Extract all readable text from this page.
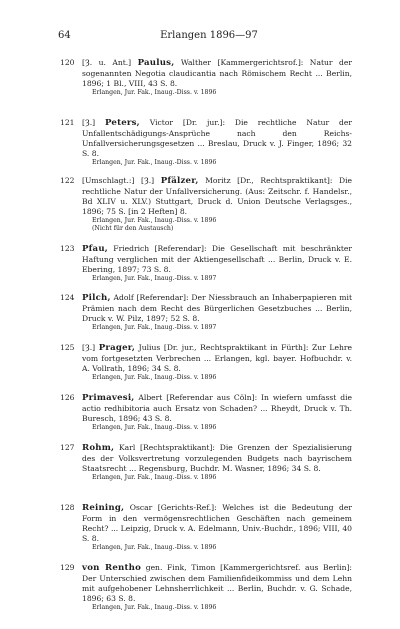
64	Erlangen 1896—97
120 [Ȝ. u. Ant.] Paulus, Walther [Kammergerichtsrof.]: Natur der sogenannten Negotia claudicantia nach Römischem Recht ... Berlin, 1896; 1 Bl., VIII, 43 S. 8.
Erlangen, Jur. Fak., Inaug.-Diss. v. 1896
121 [Ȝ.] Peters, Victor [Dr. jur.]: Die rechtliche Natur der Unfallentschädigungs-Ansprüche nach den Reichs-Unfallversicherungsgesetzen ... Breslau, Druck v. J. Finger, 1896; 32 S. 8.
Erlangen, Jur. Fak., Inaug.-Diss. v. 1896
122 [Umschlagt.:] [Ȝ.] Pfälzer, Moritz [Dr., Rechtspraktikant]: Die rechtliche Natur der Unfallversicherung. (Aus: Zeitschr. f. Handelsr., Bd XLIV u. XLV.) Stuttgart, Druck d. Union Deutsche Verlagsges., 1896; 75 S. [in 2 Heften] 8.
Erlangen, Jur. Fak., Inaug.-Diss. v. 1896
(Nicht für den Austausch)
123 Pfau, Friedrich [Referendar]: Die Gesellschaft mit beschränkter Haftung verglichen mit der Aktiengesellschaft ... Berlin, Druck v. E. Ebering, 1897; 73 S. 8.
Erlangen, Jur. Fak., Inaug.-Diss. v. 1897
124 Pilch, Adolf [Referendar]: Der Niessbrauch an Inhaberpapieren mit Prämien nach dem Recht des Bürgerlichen Gesetzbuches ... Berlin, Druck v. W. Pilz, 1897; 52 S. 8.
Erlangen, Jur. Fak., Inaug.-Diss. v. 1897
125 [Ȝ.] Prager, Julius [Dr. jur., Rechtspraktikant in Fürth]: Zur Lehre vom fortgesetzten Verbrechen ... Erlangen, kgl. bayer. Hofbuchdr. v. A. Vollrath, 1896; 34 S. 8.
Erlangen, Jur. Fak., Inaug.-Diss. v. 1896
126 Primavesi, Albert [Referendar aus Cöln]: In wiefern umfasst die actio redhibitoria auch Ersatz von Schaden? ... Rheydt, Druck v. Th. Buresch, 1896; 43 S. 8.
Erlangen, Jur. Fak., Inaug.-Diss. v. 1896
127 Rohm, Karl [Rechtspraktikant]: Die Grenzen der Spezialisierung des der Volksvertretung vorzulegenden Budgets nach bayrischem Staatsrecht ... Regensburg, Buchdr. M. Wasner, 1896; 34 S. 8.
Erlangen, Jur. Fak., Inaug.-Diss. v. 1896
128 Reining, Oscar [Gerichts-Ref.]: Welches ist die Bedeutung der Form in den vermögensrechtlichen Geschäften nach gemeinem Recht? ... Leipzig, Druck v. A. Edelmann, Univ.-Buchdr., 1896; VIII, 40 S. 8.
Erlangen, Jur. Fak., Inaug.-Diss. v. 1896
129 von Rentho gen. Fink, Timon [Kammergerichtsref. aus Berlin]: Der Unterschied zwischen dem Familienfideikommiss und dem Lehn mit aufgehobener Lehnsherrlichkeit ... Berlin, Buchdr. v. G. Schade, 1896; 63 S. 8.
Erlangen, Jur. Fak., Inaug.-Diss. v. 1896
